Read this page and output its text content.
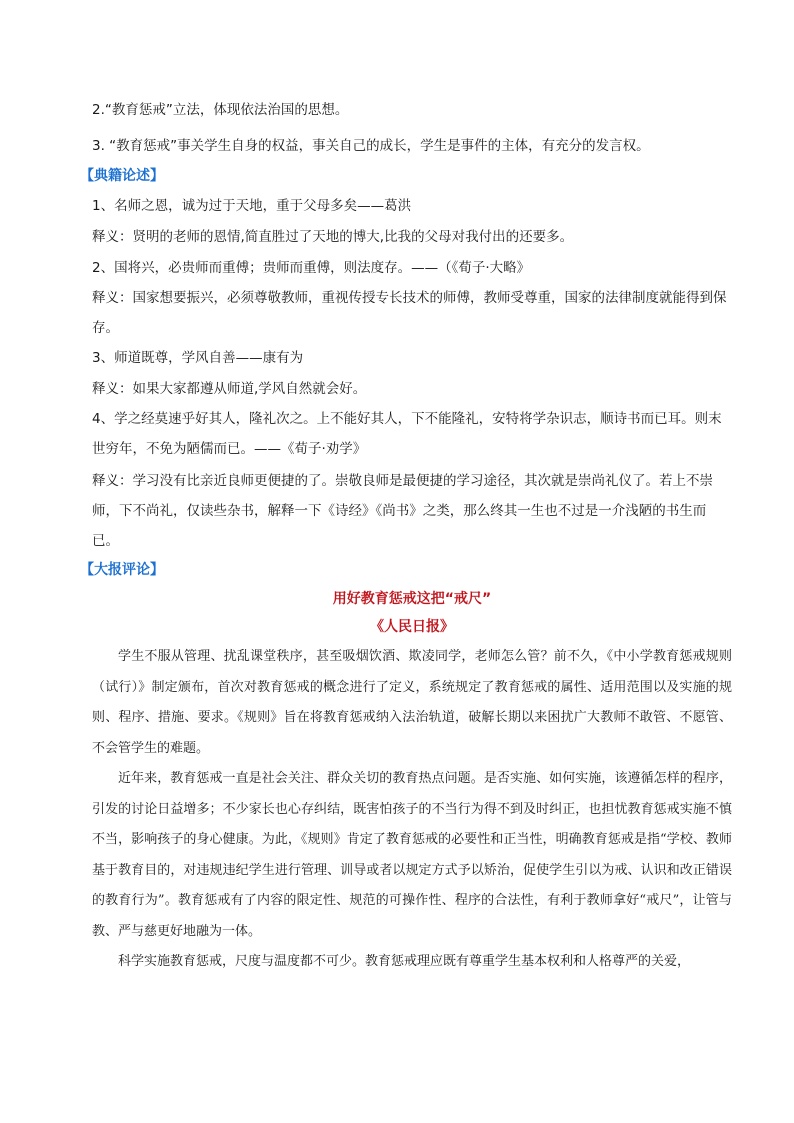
2.“教育惩戒”立法，体现依法治国的思想。

3. “教育惩戒”事关学生自身的权益，事关自己的成长，学生是事件的主体，有充分的发言权。

【典籍论述】

1、名师之恩，诚为过于天地，重于父母多矣——葛洪

释义：贤明的老师的恩情,简直胜过了天地的博大,比我的父母对我付出的还要多。

2、国将兴，必贵师而重傅；贵师而重傅，则法度存。——（《荀子·大略》

释义：国家想要振兴，必须尊敬教师，重视传授专长技术的师傅，教师受尊重，国家的法律制度就能得到保存。

3、师道既尊，学风自善——康有为

释义：如果大家都遵从师道,学风自然就会好。

4、学之经莫速乎好其人，隆礼次之。上不能好其人，下不能隆礼，安特将学杂识志，顺诗书而已耳。则末世穷年，不免为陋儒而已。——《荀子·劝学》

释义：学习没有比亲近良师更便捷的了。崇敬良师是最便捷的学习途径，其次就是崇尚礼仪了。若上不崇师，下不尚礼，仅读些杂书，解释一下《诗经》《尚书》之类，那么终其一生也不过是一介浅陋的书生而已。

【大报评论】

用好教育惩戒这把“戒尺”

《人民日报》

学生不服从管理、扰乱课堂秩序，甚至吸烟饮酒、欺凌同学，老师怎么管？前不久，《中小学教育惩戒规则（试行）》制定颁布，首次对教育惩戒的概念进行了定义，系统规定了教育惩戒的属性、适用范围以及实施的规则、程序、措施、要求。《规则》旨在将教育惩戒纳入法治轨道，破解长期以来困扰广大教师不敢管、不愿管、不会管学生的难题。

近年来，教育惩戒一直是社会关注、群众关切的教育热点问题。是否实施、如何实施，该遵循怎样的程序，引发的讨论日益增多；不少家长也心存纠结，既害怕孩子的不当行为得不到及时纠正，也担忧教育惩戒实施不慎不当，影响孩子的身心健康。为此，《规则》肯定了教育惩戒的必要性和正当性，明确教育惩戒是指“学校、教师基于教育目的，对违规违纪学生进行管理、训导或者以规定方式予以矫治，促使学生引以为戒、认识和改正错误的教育行为”。教育惩戒有了内容的限定性、规范的可操作性、程序的合法性，有利于教师拿好“戒尺”，让管与教、严与慈更好地融为一体。

科学实施教育惩戒，尺度与温度都不可少。教育惩戒理应既有尊重学生基本权利和人格尊严的关爱，
